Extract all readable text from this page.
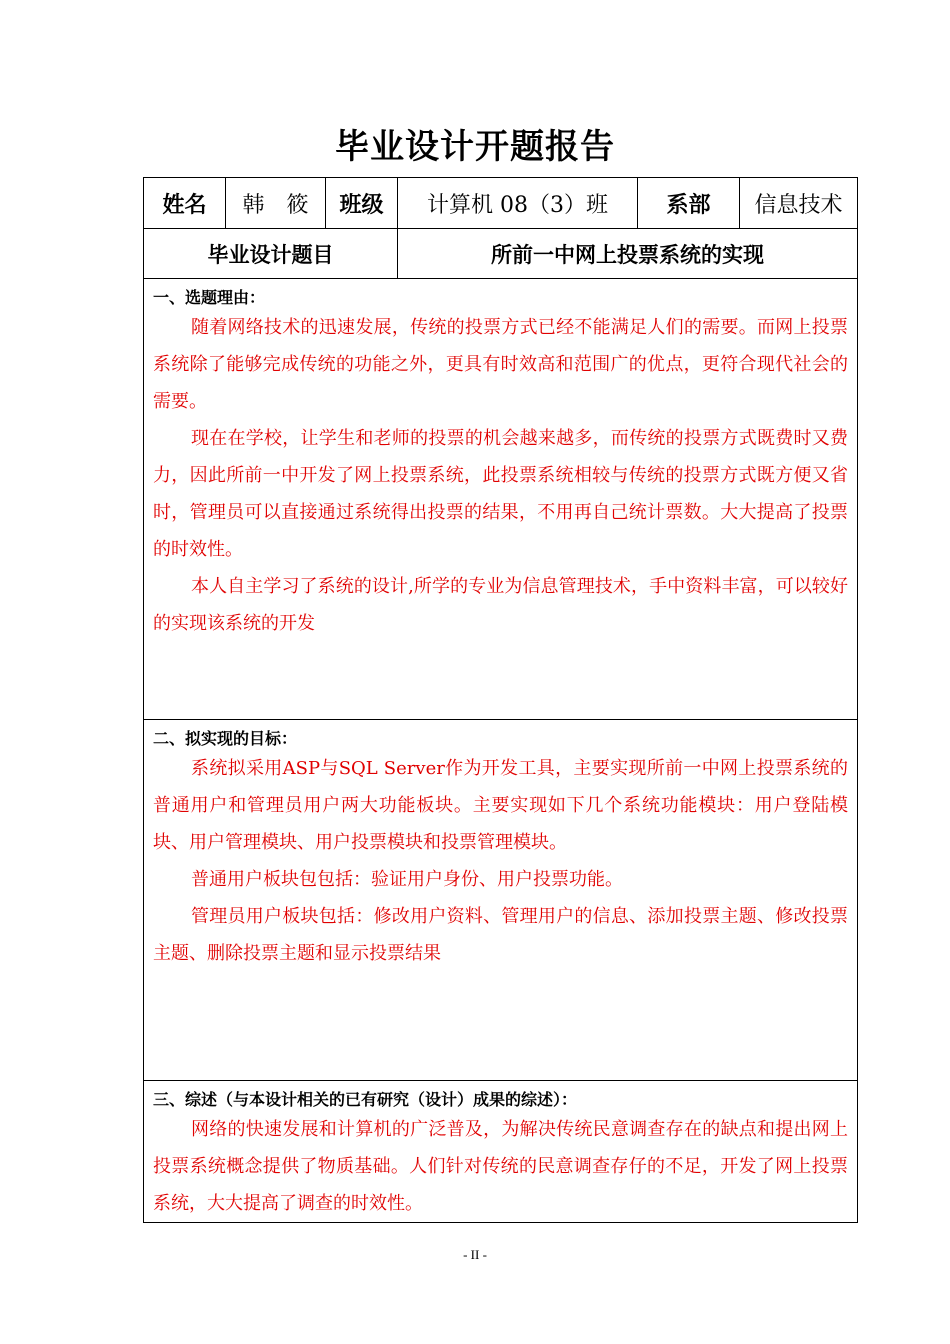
毕业设计开题报告
姓名	韩　筱	班级	计算机 08（3）班	系部	信息技术
毕业设计题目			所前一中网上投票系统的实现		

一、选题理由：

随着网络技术的迅速发展，传统的投票方式已经不能满足人们的需要。而网上投票系统除了能够完成传统的功能之外，更具有时效高和范围广的优点，更符合现代社会的需要。

现在在学校，让学生和老师的投票的机会越来越多，而传统的投票方式既费时又费力，因此所前一中开发了网上投票系统，此投票系统相较与传统的投票方式既方便又省时，管理员可以直接通过系统得出投票的结果，不用再自己统计票数。大大提高了投票的时效性。

本人自主学习了系统的设计,所学的专业为信息管理技术，手中资料丰富，可以较好的实现该系统的开发					

二、拟实现的目标：

系统拟采用ASP与SQL Server作为开发工具，主要实现所前一中网上投票系统的普通用户和管理员用户两大功能板块。主要实现如下几个系统功能模块：用户登陆模块、用户管理模块、用户投票模块和投票管理模块。

普通用户板块包包括：验证用户身份、用户投票功能。

管理员用户板块包括：修改用户资料、管理用户的信息、添加投票主题、修改投票主题、删除投票主题和显示投票结果					

三、综述（与本设计相关的已有研究（设计）成果的综述）：

网络的快速发展和计算机的广泛普及，为解决传统民意调查存在的缺点和提出网上投票系统概念提供了物质基础。人们针对传统的民意调查存仔的不足，开发了网上投票系统，大大提高了调查的时效性。					

- II -
